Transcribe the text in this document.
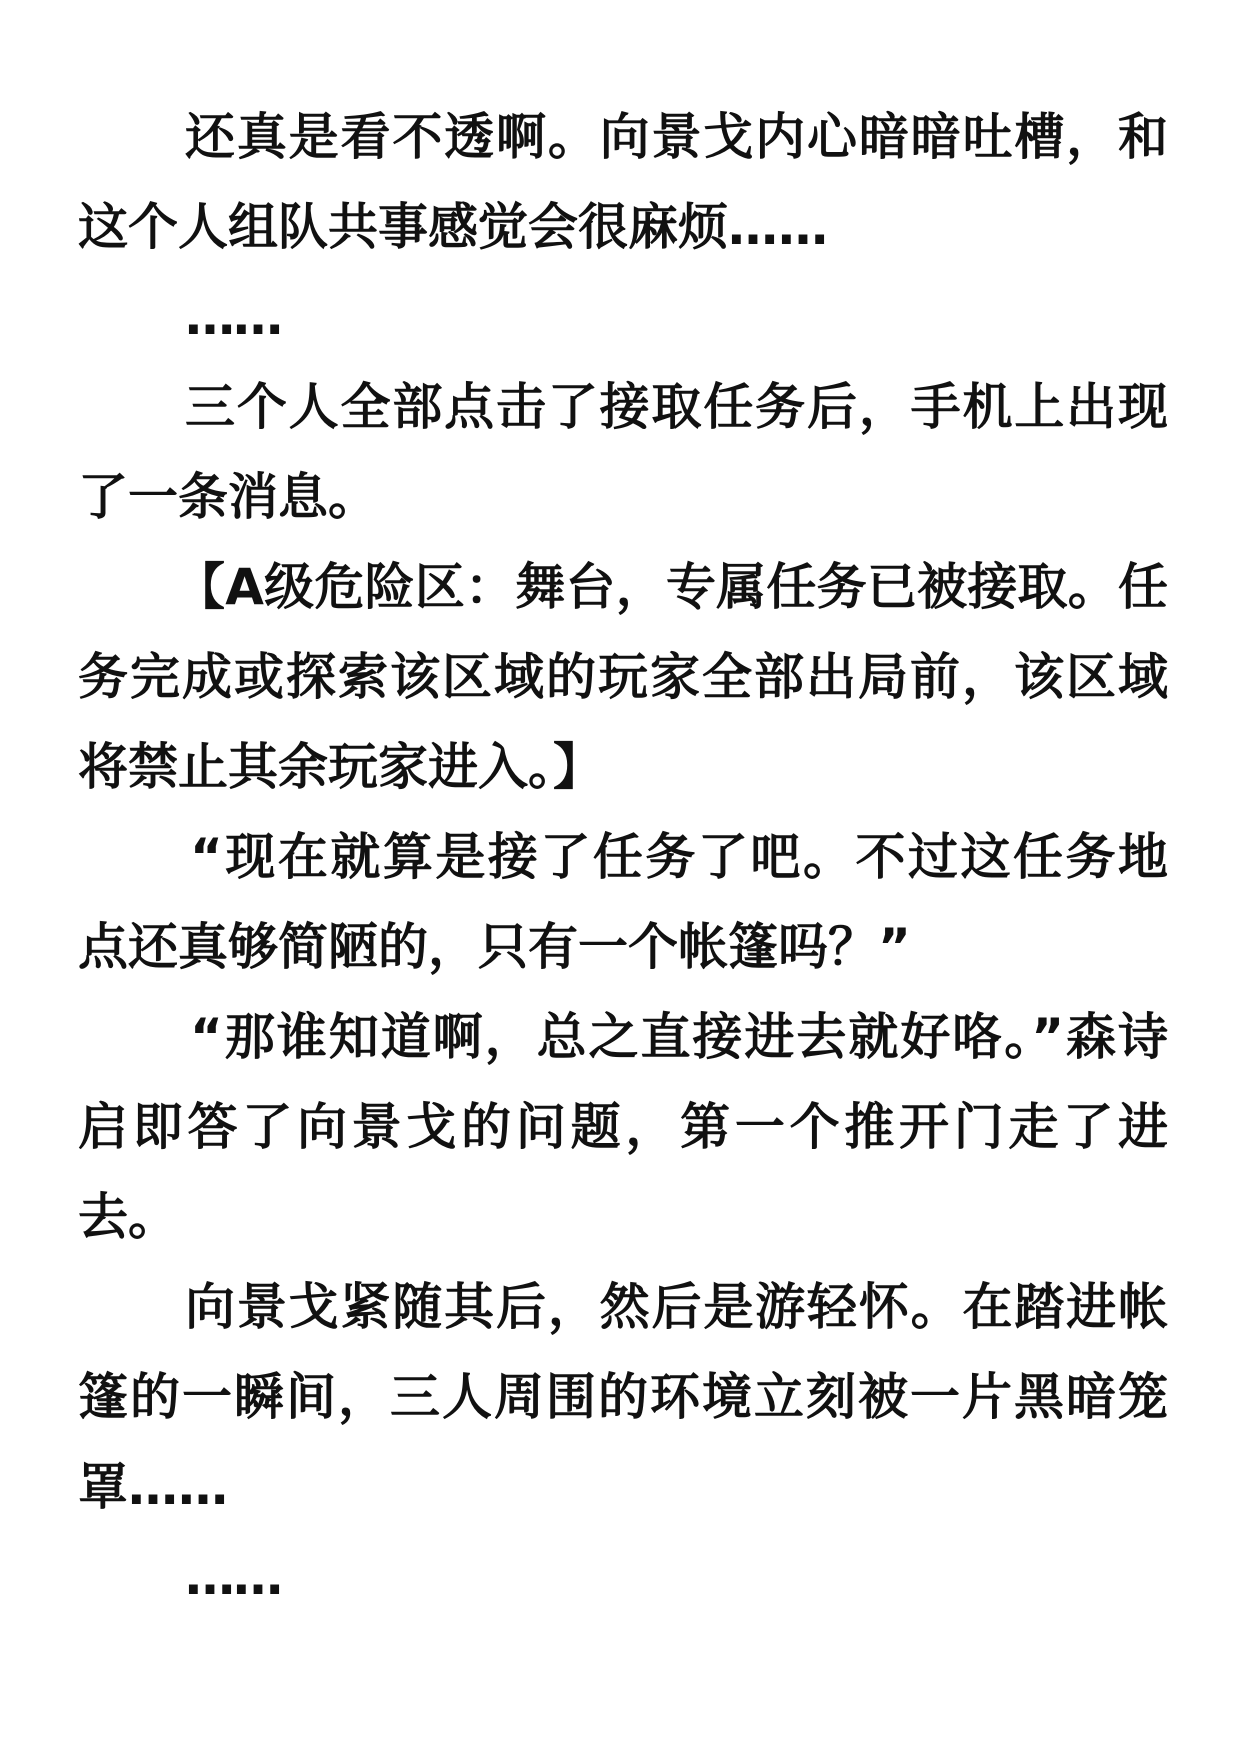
还真是看不透啊。向景戈内心暗暗吐槽，和这个人组队共事感觉会很麻烦……

……

三个人全部点击了接取任务后，手机上出现了一条消息。

【A级危险区：舞台，专属任务已被接取。任务完成或探索该区域的玩家全部出局前，该区域将禁止其余玩家进入。】

“现在就算是接了任务了吧。不过这任务地点还真够简陋的，只有一个帐篷吗？”

“那谁知道啊，总之直接进去就好咯。”森诗启即答了向景戈的问题，第一个推开门走了进去。

向景戈紧随其后，然后是游轻怀。在踏进帐篷的一瞬间，三人周围的环境立刻被一片黑暗笼罩……

……
